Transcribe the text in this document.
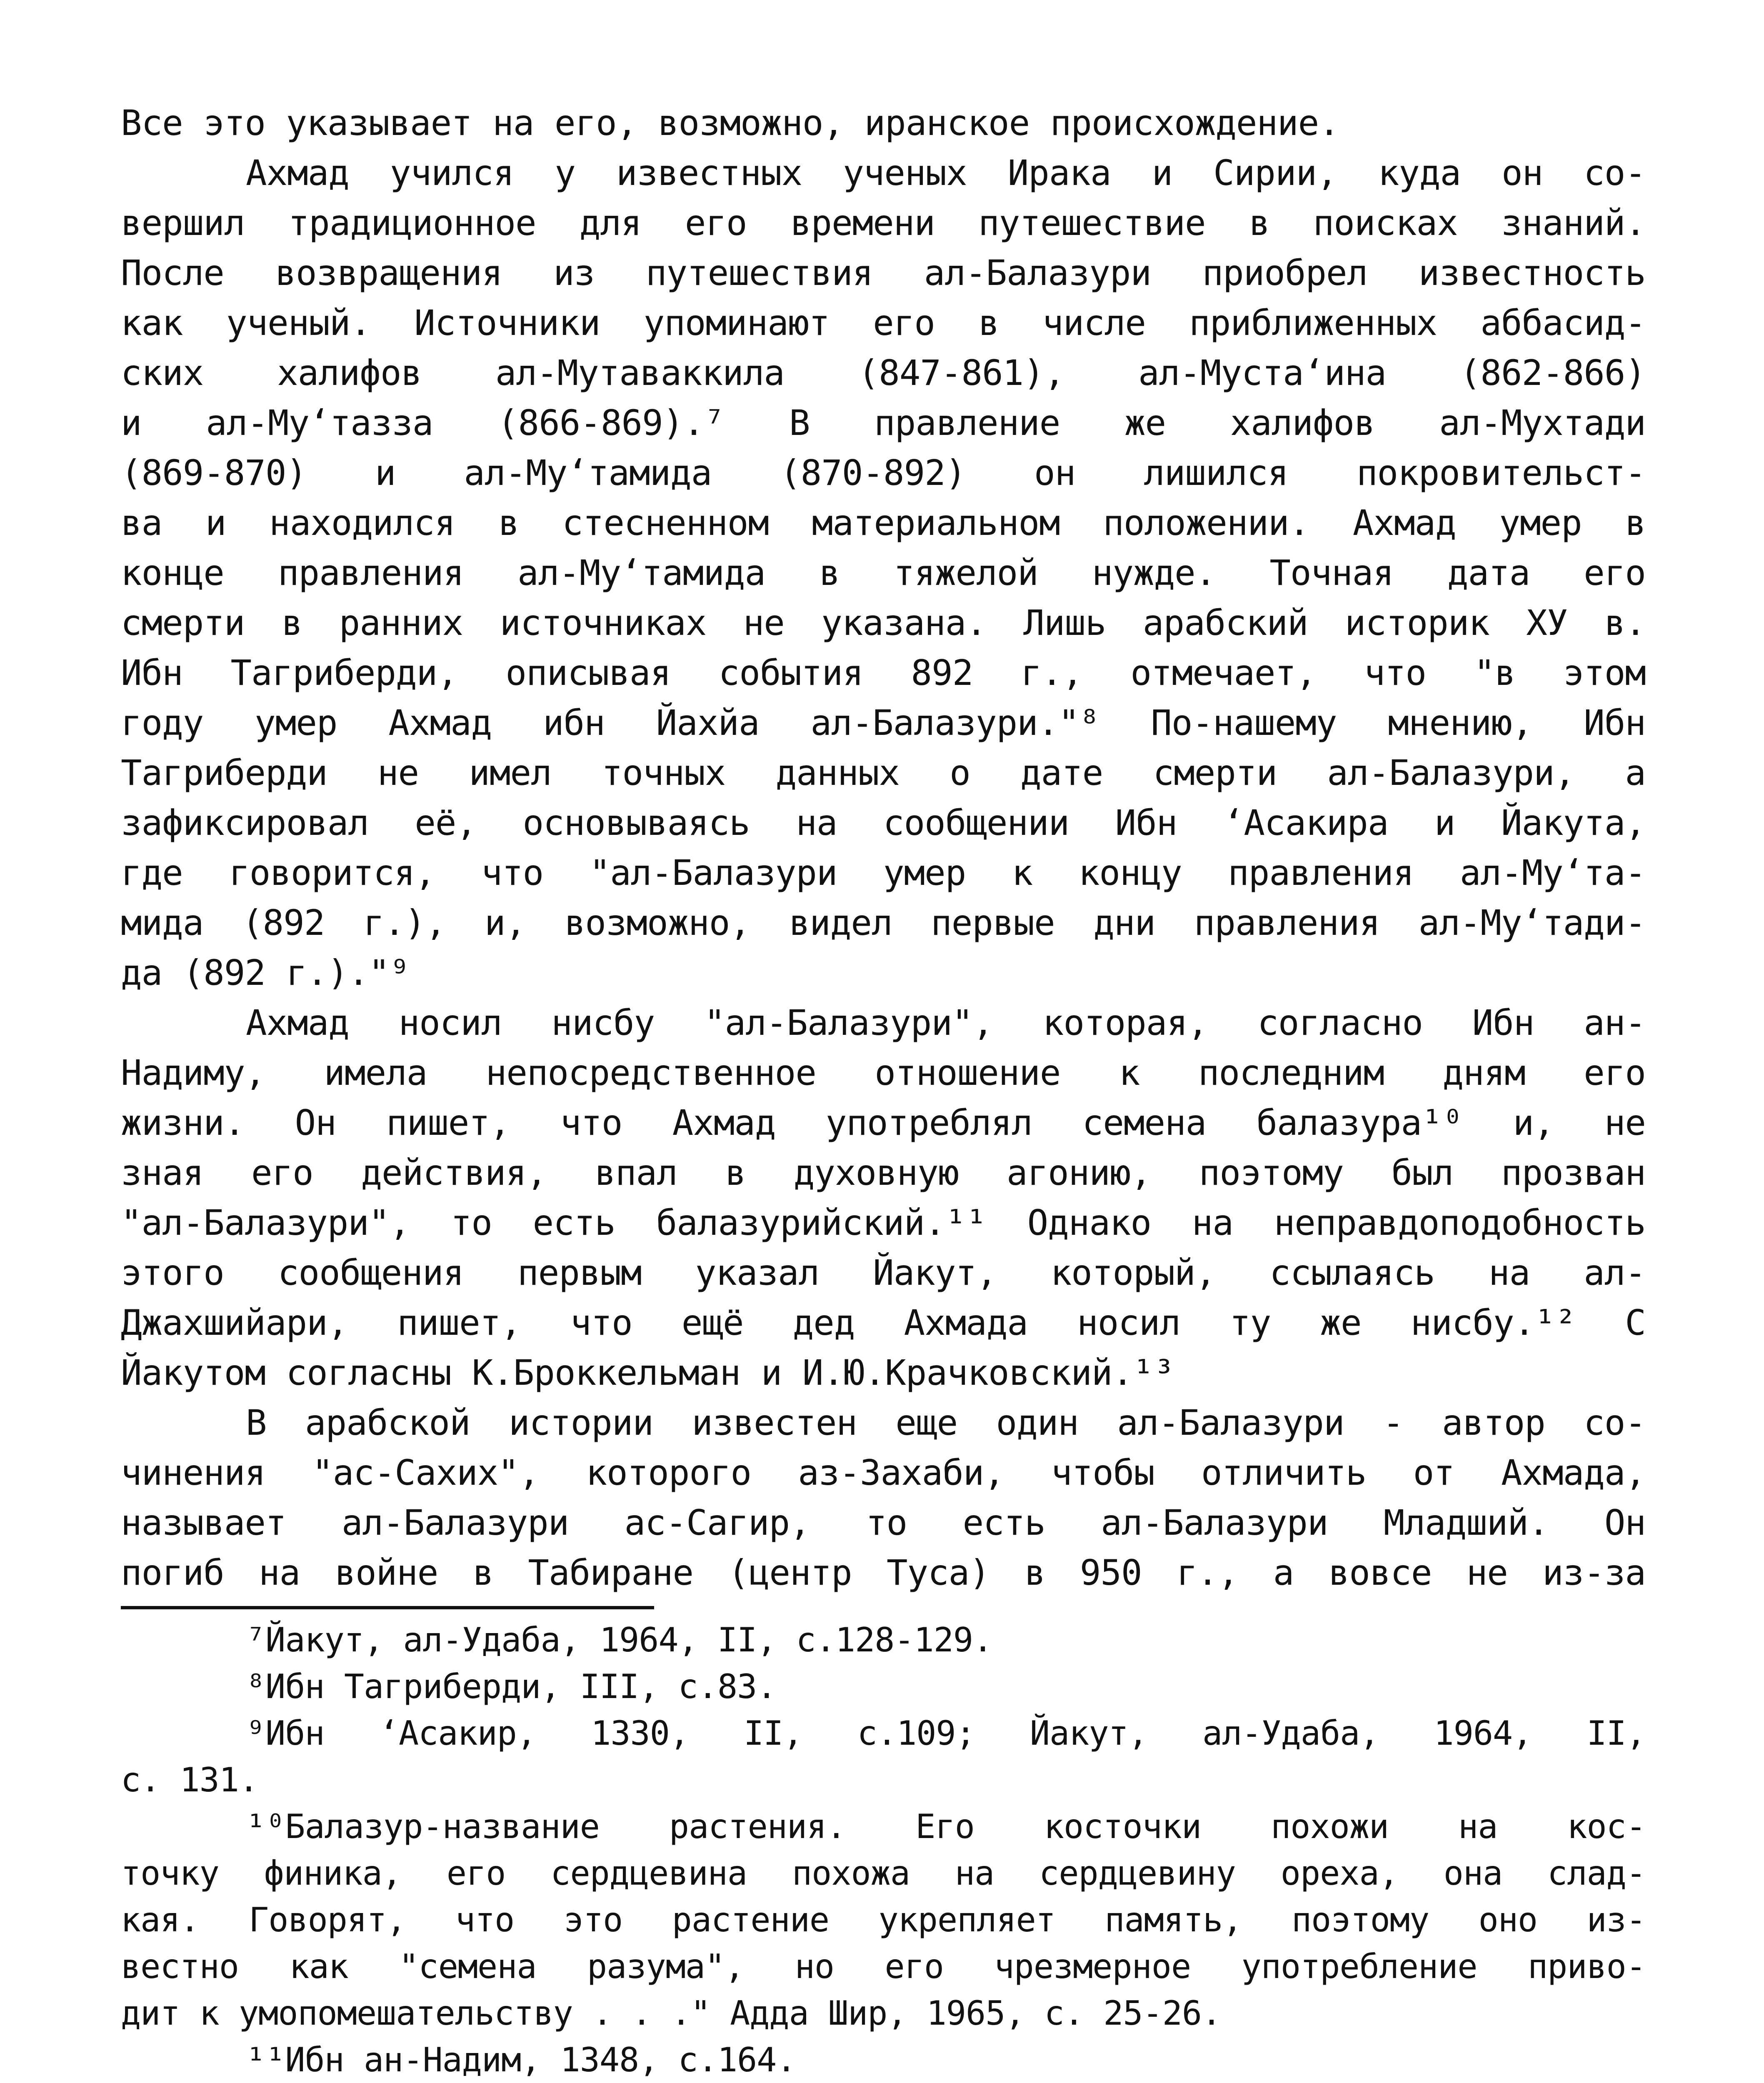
Все это указывает на его, возможно, иранское происхождение.
Ахмад учился у известных ученых Ирака и Сирии, куда он со-
вершил традиционное для его времени путешествие в поисках знаний.
После возвращения из путешествия ал-Балазури приобрел известность
как ученый. Источники упоминают его в числе приближенных аббасид-
ских халифов ал-Мутаваккила (847-861), ал-Муста‘ина (862-866)
и ал-Му‘тазза (866-869).⁷ В правление же халифов ал-Мухтади
(869-870) и ал-Му‘тамида (870-892) он лишился покровительст-
ва и находился в стесненном материальном положении. Ахмад умер в
конце правления ал-Му‘тамида в тяжелой нужде. Точная дата его
смерти в ранних источниках не указана. Лишь арабский историк ХУ в.
Ибн Тагриберди, описывая события 892 г., отмечает, что "в этом
году умер Ахмад ибн Йахйа ал-Балазури."⁸ По-нашему мнению, Ибн
Тагриберди не имел точных данных о дате смерти ал-Балазури, а
зафиксировал её, основываясь на сообщении Ибн ‘Асакира и Йакута,
где говорится, что "ал-Балазури умер к концу правления ал-Му‘та-
мида (892 г.), и, возможно, видел первые дни правления ал-Му‘тади-
да (892 г.)."⁹
Ахмад носил нисбу "ал-Балазури", которая, согласно Ибн ан-
Надиму, имела непосредственное отношение к последним дням его
жизни. Он пишет, что Ахмад употреблял семена балазура¹⁰ и, не
зная его действия, впал в духовную агонию, поэтому был прозван
"ал-Балазури", то есть балазурийский.¹¹ Однако на неправдоподобность
этого сообщения первым указал Йакут, который, ссылаясь на ал-
Джахшийари, пишет, что ещё дед Ахмада носил ту же нисбу.¹² С
Йакутом согласны К.Броккельман и И.Ю.Крачковский.¹³
В арабской истории известен еще один ал-Балазури - автор со-
чинения "ас-Сахих", которого аз-Захаби, чтобы отличить от Ахмада,
называет ал-Балазури ас-Сагир, то есть ал-Балазури Младший. Он
погиб на войне в Табиране (центр Туса) в 950 г., а вовсе не из-за
⁷Йакут, ал-Удаба, 1964, II, с.128-129.
⁸Ибн Тагриберди, III, с.83.
⁹Ибн ‘Асакир, 1330, II, с.109; Йакут, ал-Удаба, 1964, II,
с. 131.
¹⁰Балазур-название растения. Его косточки похожи на кос-
точку финика, его сердцевина похожа на сердцевину ореха, она слад-
кая. Говорят, что это растение укрепляет память, поэтому оно из-
вестно как "семена разума", но его чрезмерное употребление приво-
дит к умопомешательству . . ." Адда Шир, 1965, с. 25-26.
¹¹Ибн ан-Надим, 1348, с.164.
